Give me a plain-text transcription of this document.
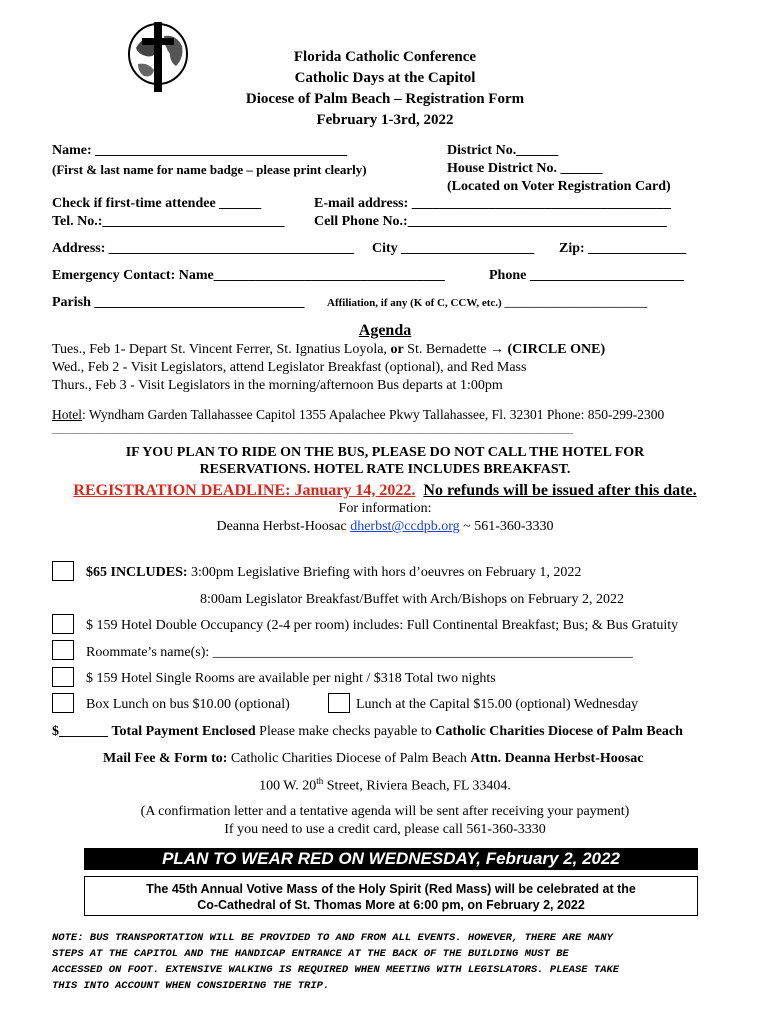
Florida Catholic Conference
Catholic Days at the Capitol
Diocese of Palm Beach – Registration Form
February 1-3rd, 2022
Name: ____________________________________
(First & last name for name badge – please print clearly)
District No.______
House District No. ______
(Located on Voter Registration Card)
Check if first-time attendee ______
Tel. No.:__________________________
E-mail address: _____________________________________
Cell Phone No.:_____________________________________
Address: ___________________________________ City ___________________ Zip: ______________
Emergency Contact: Name_________________________________	Phone ______________________
Parish ______________________________ Affiliation, if any (K of C, CCW, etc.) __________________________
Agenda
Tues., Feb 1- Depart St. Vincent Ferrer, St. Ignatius Loyola, or St. Bernadette → (CIRCLE ONE)
Wed., Feb 2 - Visit Legislators, attend Legislator Breakfast (optional), and Red Mass
Thurs., Feb 3 - Visit Legislators in the morning/afternoon Bus departs at 1:00pm
Hotel: Wyndham Garden Tallahassee Capitol 1355 Apalachee Pkwy Tallahassee, Fl. 32301 Phone: 850-299-2300
________________________________________________________________________________________________________
IF YOU PLAN TO RIDE ON THE BUS, PLEASE DO NOT CALL THE HOTEL FOR
RESERVATIONS. HOTEL RATE INCLUDES BREAKFAST.
REGISTRATION DEADLINE: January 14, 2022. No refunds will be issued after this date.
For information:
Deanna Herbst-Hoosac dherbst@ccdpb.org ~ 561-360-3330
$65 INCLUDES: 3:00pm Legislative Briefing with hors d’oeuvres on February 1, 2022
8:00am Legislator Breakfast/Buffet with Arch/Bishops on February 2, 2022
$ 159 Hotel Double Occupancy (2-4 per room) includes: Full Continental Breakfast; Bus; & Bus Gratuity
Roommate’s name(s): ____________________________________________________________
$ 159 Hotel Single Rooms are available per night / $318 Total two nights
Box Lunch on bus $10.00 (optional)	Lunch at the Capital $15.00 (optional) Wednesday
$_______ Total Payment Enclosed Please make checks payable to Catholic Charities Diocese of Palm Beach
Mail Fee & Form to: Catholic Charities Diocese of Palm Beach Attn. Deanna Herbst-Hoosac
100 W. 20th Street, Riviera Beach, FL 33404.
(A confirmation letter and a tentative agenda will be sent after receiving your payment)
If you need to use a credit card, please call 561-360-3330
PLAN TO WEAR RED ON WEDNESDAY, February 2, 2022
The 45th Annual Votive Mass of the Holy Spirit (Red Mass) will be celebrated at the
Co-Cathedral of St. Thomas More at 6:00 pm, on February 2, 2022
NOTE: BUS TRANSPORTATION WILL BE PROVIDED TO AND FROM ALL EVENTS. HOWEVER, THERE ARE MANY
STEPS AT THE CAPITOL AND THE HANDICAP ENTRANCE AT THE BACK OF THE BUILDING MUST BE
ACCESSED ON FOOT. EXTENSIVE WALKING IS REQUIRED WHEN MEETING WITH LEGISLATORS. PLEASE TAKE
THIS INTO ACCOUNT WHEN CONSIDERING THE TRIP.
